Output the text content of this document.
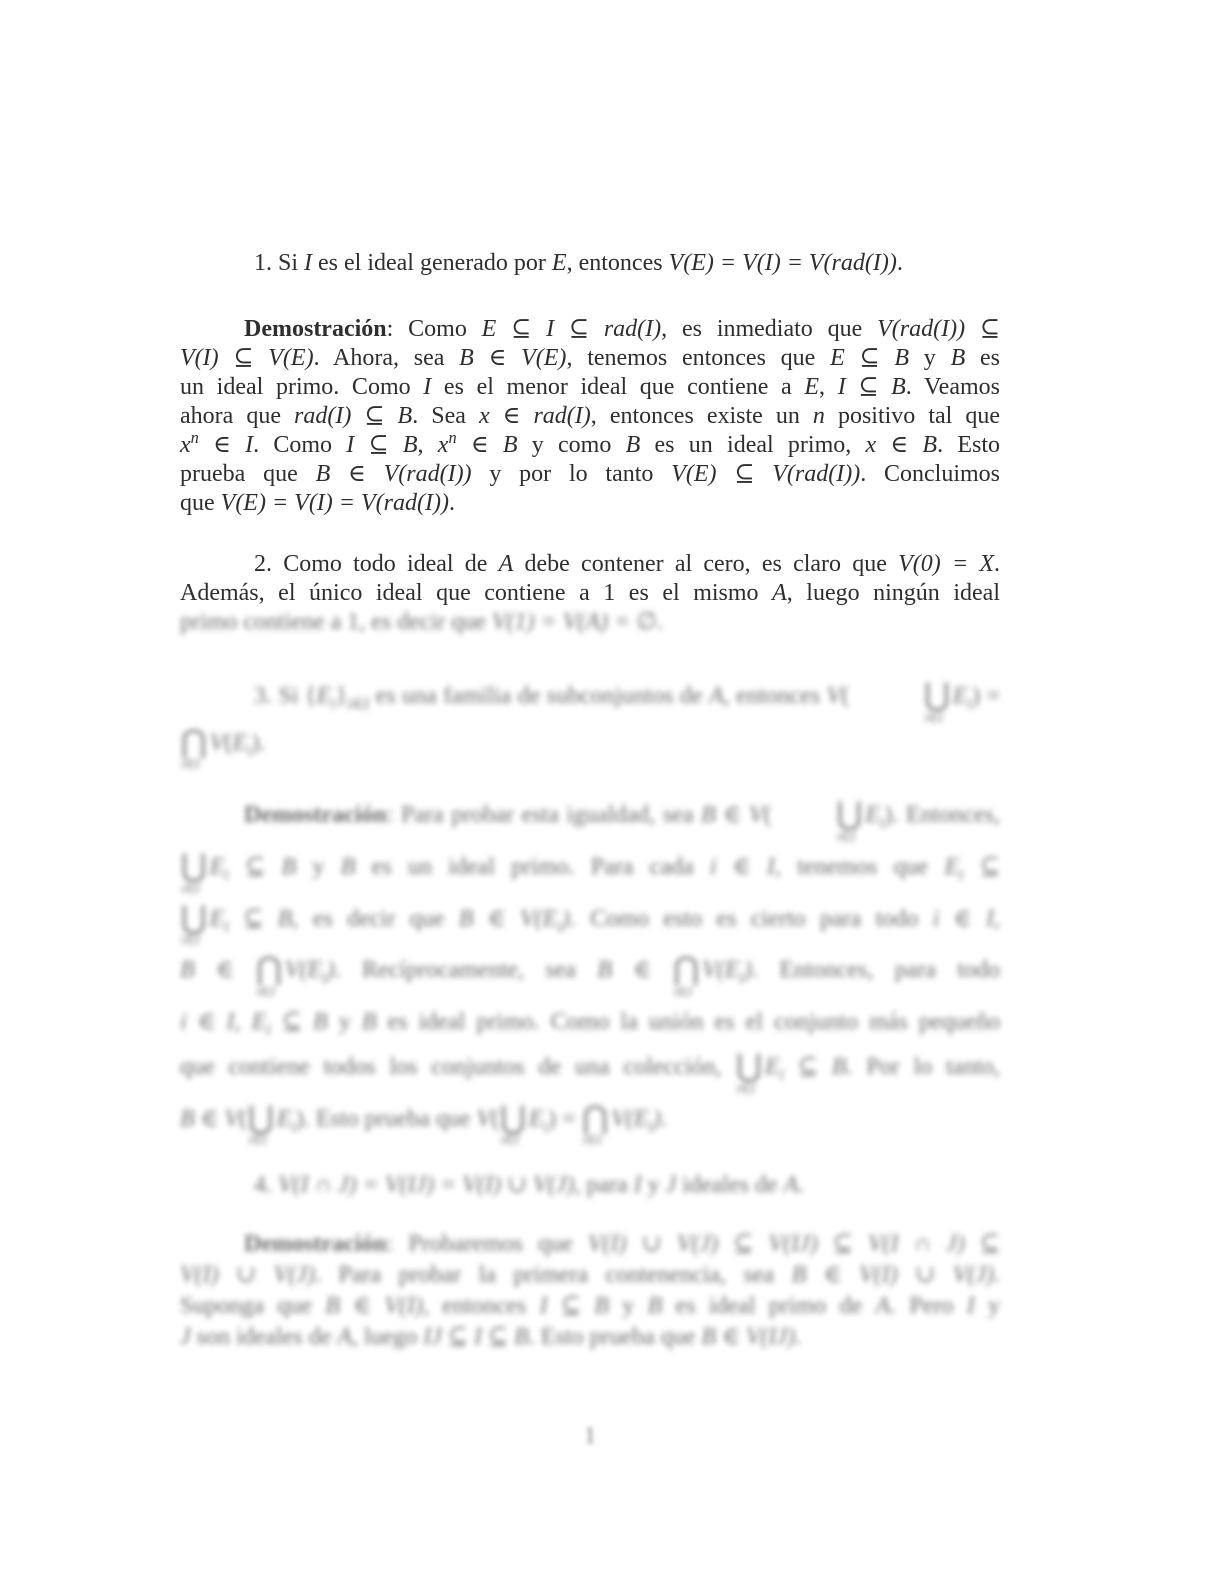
1. Si I es el ideal generado por E, entonces V(E) = V(I) = V(rad(I)).
Demostración: Como E ⊆ I ⊆ rad(I), es inmediato que V(rad(I)) ⊆
V(I) ⊆ V(E). Ahora, sea B ∈ V(E), tenemos entonces que E ⊆ B y B es
un ideal primo. Como I es el menor ideal que contiene a E, I ⊆ B. Veamos
ahora que rad(I) ⊆ B. Sea x ∈ rad(I), entonces existe un n positivo tal que
$x^n$ ∈ I. Como I ⊆ B, $x^n$ ∈ B y como B es un ideal primo, x ∈ B. Esto
prueba que B ∈ V(rad(I)) y por lo tanto V(E) ⊆ V(rad(I)). Concluimos
que V(E) = V(I) = V(rad(I)).
2. Como todo ideal de A debe contener al cero, es claro que V(0) = X.
Además, el único ideal que contiene a 1 es el mismo A, luego ningún ideal
primo contiene a 1, es decir que V(1) = V(A) = ∅.
3. Si $\{E_i\}_{i\in I}$ es una familia de subconjuntos de A, entonces V(	⋃
i∈I
$E_i$) =
⋂
i∈I
$V(E_i)$.
Demostración: Para probar esta igualdad, sea B ∈ V(	⋃
i∈I
$E_i$). Entonces,
⋃
i∈I
$E_i$ ⊆ B y B es un ideal primo. Para cada i ∈ I, tenemos que $E_i$ ⊆
⋃
i∈I
$E_i$ ⊆ B, es decir que B ∈ $V(E_i)$. Como esto es cierto para todo i ∈ I,
B ∈ ⋂
i∈I
$V(E_i)$. Recíprocamente, sea B ∈ ⋂
i∈I
$V(E_i)$. Entonces, para todo
i ∈ I, $E_i$ ⊆ B y B es ideal primo. Como la unión es el conjunto más pequeño
que contiene todos los conjuntos de una colección, ⋃
i∈I
$E_i$ ⊆ B. Por lo tanto,
B ∈ V( ⋃
i∈I
$E_i$). Esto prueba que V( ⋃
i∈I
$E_i$) = ⋂
i∈I
$V(E_i)$.
4. V(I ∩ J) = V(IJ) = V(I) ∪ V(J), para I y J ideales de A.
Demostración: Probaremos que V(I) ∪ V(J) ⊆ V(IJ) ⊆ V(I ∩ J) ⊆
V(I) ∪ V(J). Para probar la primera contenencia, sea B ∈ V(I) ∪ V(J).
Suponga que B ∈ V(I), entonces I ⊆ B y B es ideal primo de A. Pero I y
J son ideales de A, luego IJ ⊆ I ⊆ B. Esto prueba que B ∈ V(IJ).
1
